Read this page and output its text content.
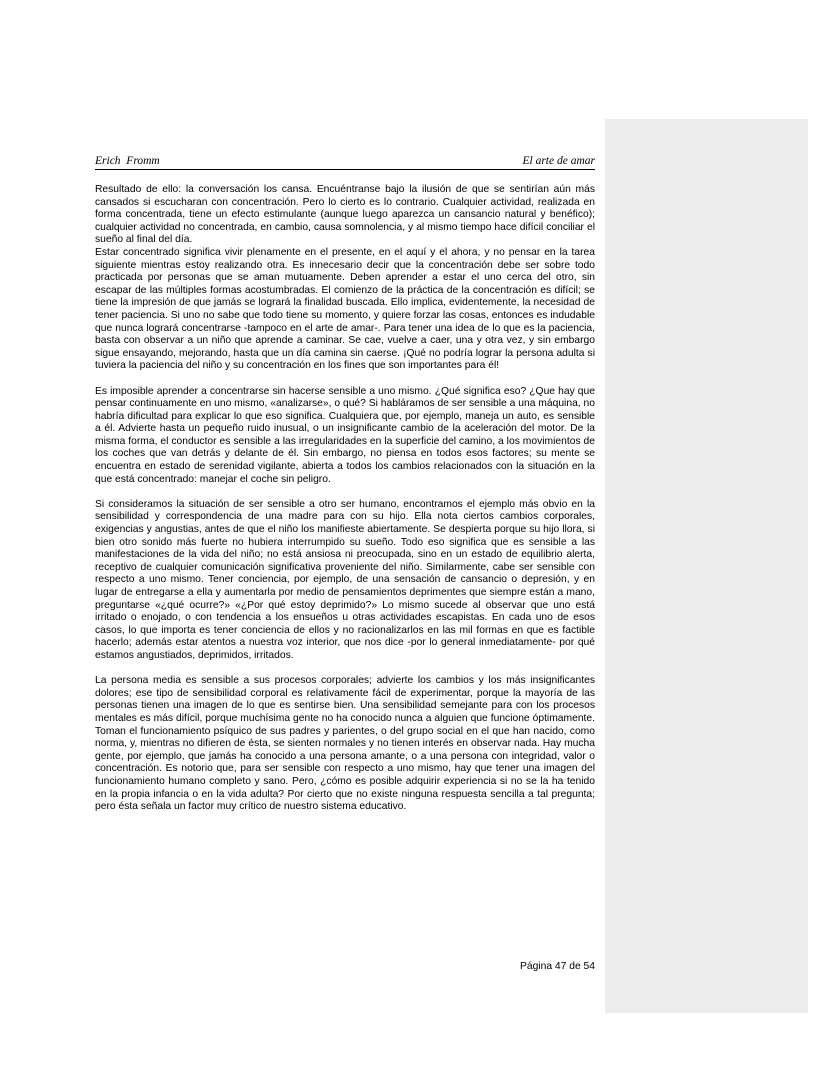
Erich  Fromm	El arte de amar

Resultado de ello: la conversación los cansa. Encuéntranse bajo la ilusión de que se sentirían aún más cansados si escucharan con concentración. Pero lo cierto es lo contrario. Cualquier actividad, realizada en forma concentrada, tiene un efecto estimulante (aunque luego aparezca un cansancio natural y benéfico); cualquier actividad no concentrada, en cambio, causa somnolencia, y al mismo tiempo hace difícil conciliar el sueño al final del día.

Estar concentrado significa vivir plenamente en el presente, en el aquí y el ahora, y no pensar en la tarea siguiente mientras estoy realizando otra. Es innecesario decir que la concentración debe ser sobre todo practicada por personas que se aman mutuamente. Deben aprender a estar el uno cerca del otro, sin escapar de las múltiples formas acostumbradas. El comienzo de la práctica de la concentración es difícil; se tiene la impresión de que jamás se logrará la finalidad buscada. Ello implica, evidentemente, la necesidad de tener paciencia. Si uno no sabe que todo tiene su momento, y quiere forzar las cosas, entonces es indudable que nunca logrará concentrarse -tampoco en el arte de amar-. Para tener una idea de lo que es la paciencia, basta con observar a un niño que aprende a caminar. Se cae, vuelve a caer, una y otra vez, y sin embargo sigue ensayando, mejorando, hasta que un día camina sin caerse. ¡Qué no podría lograr la persona adulta si tuviera la paciencia del niño y su concentración en los fines que son importantes para él!

Es imposible aprender a concentrarse sin hacerse sensible a uno mismo. ¿Qué significa eso? ¿Que hay que pensar continuamente en uno mismo, «analizarse», o qué? Si habláramos de ser sensible a una máquina, no habría dificultad para explicar lo que eso significa. Cualquiera que, por ejemplo, maneja un auto, es sensible a él. Advierte hasta un pequeño ruido inusual, o un insignificante cambio de la aceleración del motor. De la misma forma, el conductor es sensible a las irregularidades en la superficie del camino, a los movimientos de los coches que van detrás y delante de él. Sin embargo, no piensa en todos esos factores; su mente se encuentra en estado de serenidad vigilante, abierta a todos los cambios relacionados con la situación en la que está concentrado: manejar el coche sin peligro.

Si consideramos la situación de ser sensible a otro ser humano, encontramos el ejemplo más obvio en la sensibilidad y correspondencia de una madre para con su hijo. Ella nota ciertos cambios corporales, exigencias y angustias, antes de que el niño los manifieste abiertamente. Se despierta porque su hijo llora, si bien otro sonido más fuerte no hubiera interrumpido su sueño. Todo eso significa que es sensible a las manifestaciones de la vida del niño; no está ansiosa ni preocupada, sino en un estado de equilibrio alerta, receptivo de cualquier comunicación significativa proveniente del niño. Similarmente, cabe ser sensible con respecto a uno mismo. Tener conciencia, por ejemplo, de una sensación de cansancio o depresión, y en lugar de entregarse a ella y aumentarla por medio de pensamientos deprimentes que siempre están a mano, preguntarse «¿qué ocurre?» «¿Por qué estoy deprimido?» Lo mismo sucede al observar que uno está irritado o enojado, o con tendencia a los ensueños u otras actividades escapistas. En cada uno de esos casos, lo que importa es tener conciencia de ellos y no racionalizarlos en las mil formas en que es factible hacerlo; además estar atentos a nuestra voz interior, que nos dice -por lo general inmediatamente- por qué estamos angustiados, deprimidos, irritados.

La persona media es sensible a sus procesos corporales; advierte los cambios y los más insignificantes dolores; ese tipo de sensibilidad corporal es relativamente fácil de experimentar, porque la mayoría de las personas tienen una imagen de lo que es sentirse bien. Una sensibilidad semejante para con los procesos mentales es más difícil, porque muchísima gente no ha conocido nunca a alguien que funcione óptimamente. Toman el funcionamiento psíquico de sus padres y parientes, o del grupo social en el que han nacido, como norma, y, mientras no difieren de ésta, se sienten normales y no tienen interés en observar nada. Hay mucha gente, por ejemplo, que jamás ha conocido a una persona amante, o a una persona con integridad, valor o concentración. Es notorio que, para ser sensible con respecto a uno mismo, hay que tener una imagen del funcionamiento humano completo y sano. Pero, ¿cómo es posible adquirir experiencia si no se la ha tenido en la propia infancia o en la vida adulta? Por cierto que no existe ninguna respuesta sencilla a tal pregunta; pero ésta señala un factor muy crítico de nuestro sistema educativo.

Página 47 de 54
